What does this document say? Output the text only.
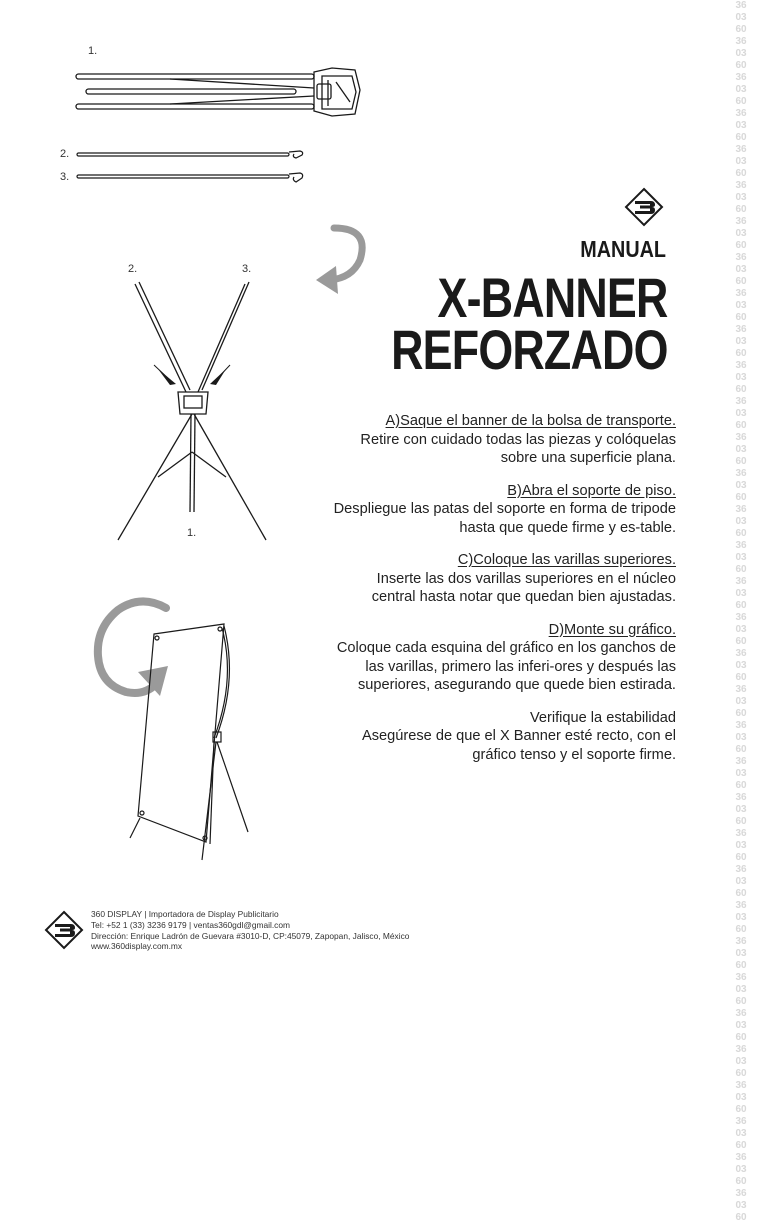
1.
2.
3.
2.	3.
1.
MANUAL
X-BANNER
REFORZADO
A)Saque el banner de la bolsa de transporte.
Retire con cuidado todas las piezas y colóquelas sobre una superficie plana.
B)Abra el soporte de piso.
Despliegue las patas del soporte en forma de tripode hasta que quede firme y es-table.
C)Coloque las varillas superiores.
Inserte las dos varillas superiores en el núcleo central hasta notar que quedan bien ajustadas.
D)Monte su gráfico.
Coloque cada esquina del gráfico en los ganchos de las varillas, primero las inferi-ores y después las superiores, asegurando que quede bien estirada.
Verifique la estabilidad
Asegúrese de que el X Banner esté recto, con el gráfico tenso y el soporte firme.
360 DISPLAY | Importadora de Display Publicitario
Tel: +52 1 (33) 3236 9179 | ventas360gdl@gmail.com
Dirección: Enrique Ladrón de Guevara #3010-D, CP:45079, Zapopan, Jalisco, México
www.360display.com.mx
360360360360360360360360360360360360360360360360360360360360360360360360360360360360360360360360360360360360360360360360360360360360360360360360360360360360360360360360360360360360360360360360360360360360
